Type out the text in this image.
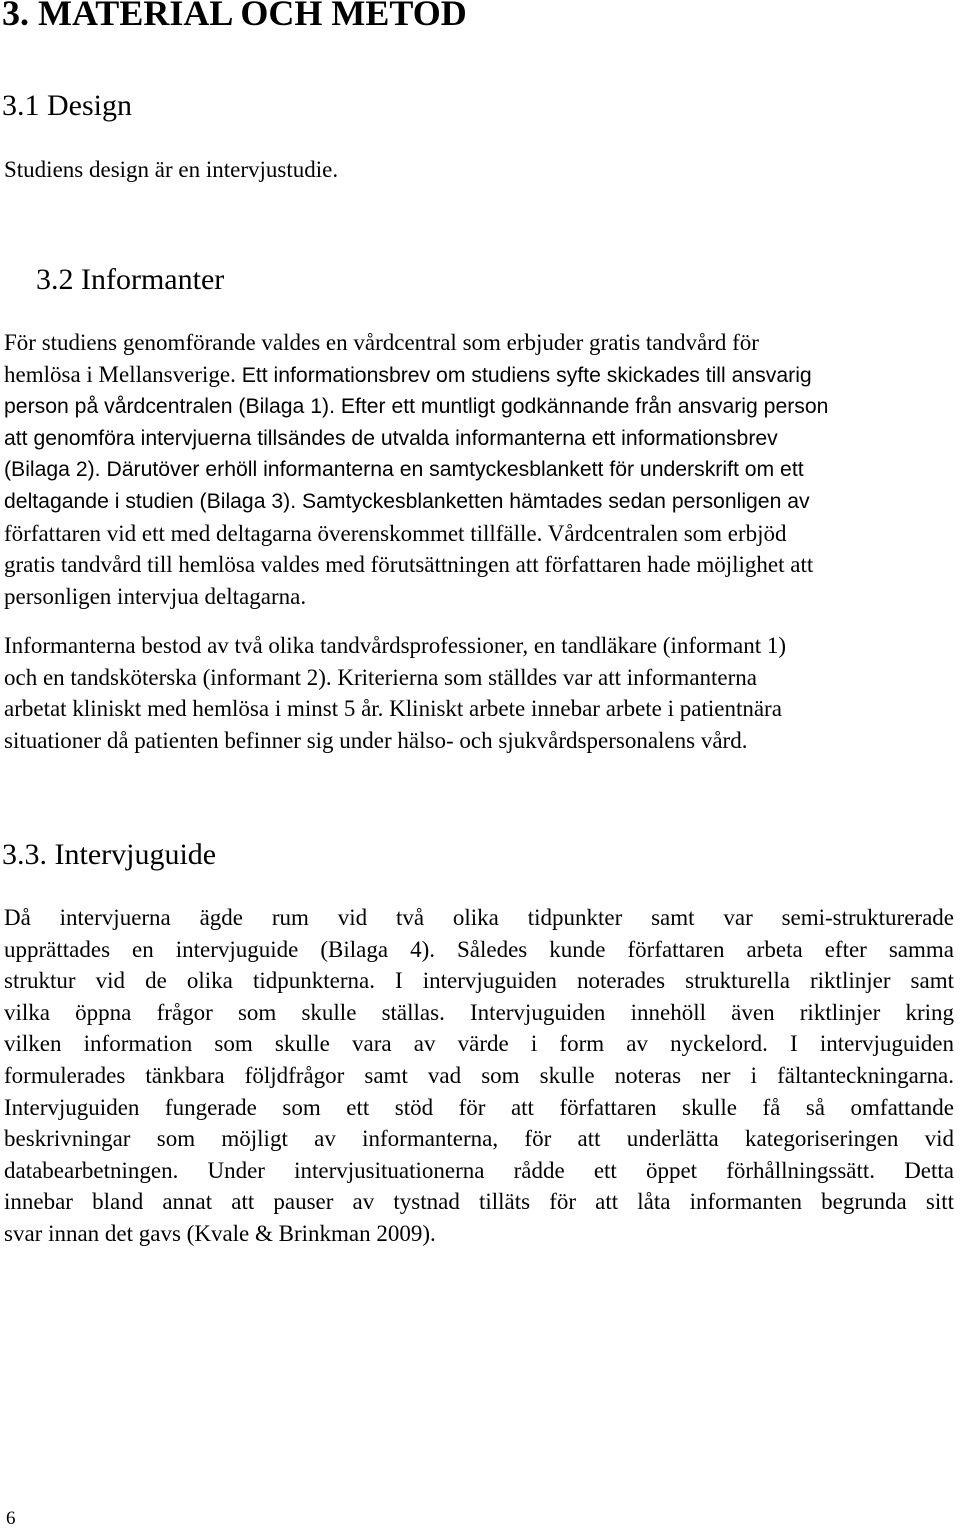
3. MATERIAL OCH METOD
3.1 Design

Studiens design är en intervjustudie.

3.2 Informanter

För studiens genomförande valdes en vårdcentral som erbjuder gratis tandvård för
hemlösa i Mellansverige. Ett informationsbrev om studiens syfte skickades till ansvarig
person på vårdcentralen (Bilaga 1). Efter ett muntligt godkännande från ansvarig person
att genomföra intervjuerna tillsändes de utvalda informanterna ett informationsbrev
(Bilaga 2). Därutöver erhöll informanterna en samtyckesblankett för underskrift om ett
deltagande i studien (Bilaga 3). Samtyckesblanketten hämtades sedan personligen av
författaren vid ett med deltagarna överenskommet tillfälle. Vårdcentralen som erbjöd
gratis tandvård till hemlösa valdes med förutsättningen att författaren hade möjlighet att
personligen intervjua deltagarna.

Informanterna bestod av två olika tandvårdsprofessioner, en tandläkare (informant 1)
och en tandsköterska (informant 2). Kriterierna som ställdes var att informanterna
arbetat kliniskt med hemlösa i minst 5 år. Kliniskt arbete innebar arbete i patientnära
situationer då patienten befinner sig under hälso- och sjukvårdspersonalens vård.

3.3. Intervjuguide

Då intervjuerna ägde rum vid två olika tidpunkter samt var semi-strukturerade
upprättades en intervjuguide (Bilaga 4). Således kunde författaren arbeta efter samma
struktur vid de olika tidpunkterna. I intervjuguiden noterades strukturella riktlinjer samt
vilka öppna frågor som skulle ställas. Intervjuguiden innehöll även riktlinjer kring
vilken information som skulle vara av värde i form av nyckelord. I intervjuguiden
formulerades tänkbara följdfrågor samt vad som skulle noteras ner i fältanteckningarna.
Intervjuguiden fungerade som ett stöd för att författaren skulle få så omfattande
beskrivningar som möjligt av informanterna, för att underlätta kategoriseringen vid
databearbetningen. Under intervjusituationerna rådde ett öppet förhållningssätt. Detta
innebar bland annat att pauser av tystnad tilläts för att låta informanten begrunda sitt
svar innan det gavs (Kvale & Brinkman 2009).

6
